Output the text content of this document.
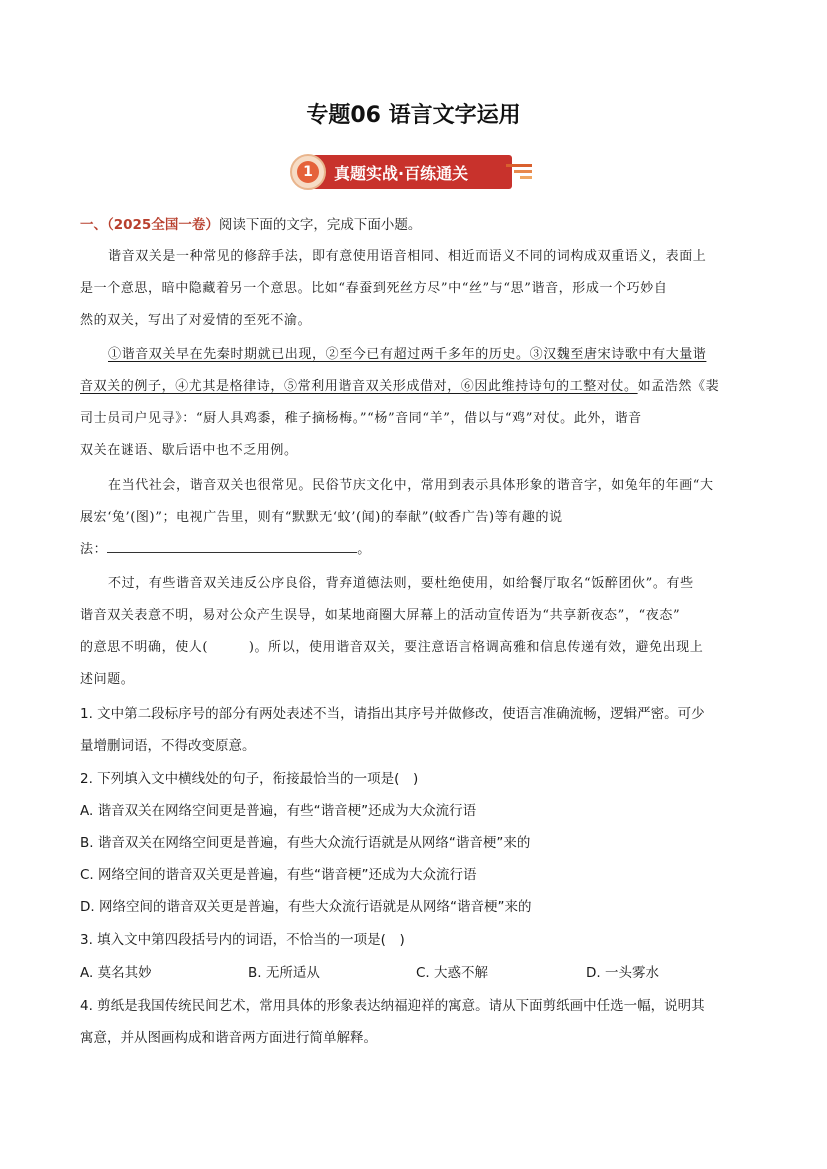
专题06 语言文字运用
真题实战·百练通关
1
一、（2025全国一卷）阅读下面的文字，完成下面小题。
谐音双关是一种常见的修辞手法，即有意使用语音相同、相近而语义不同的词构成双重语义，表面上
是一个意思，暗中隐藏着另一个意思。比如“春蚕到死丝方尽”中“丝”与“思”谐音，形成一个巧妙自
然的双关，写出了对爱情的至死不渝。
①谐音双关早在先秦时期就已出现，②至今已有超过两千多年的历史。③汉魏至唐宋诗歌中有大量谐
音双关的例子，④尤其是格律诗，⑤常利用谐音双关形成借对，⑥因此维持诗句的工整对仗。如孟浩然《裴
司士员司户见寻》：“厨人具鸡黍，稚子摘杨梅。”“杨”音同“羊”，借以与“鸡”对仗。此外，谐音
双关在谜语、歇后语中也不乏用例。
在当代社会，谐音双关也很常见。民俗节庆文化中，常用到表示具体形象的谐音字，如兔年的年画“大
展宏‘兔’(图)”；电视广告里，则有“默默无‘蚊’(闻)的奉献”(蚊香广告)等有趣的说
法：	。
不过，有些谐音双关违反公序良俗，背弃道德法则，要杜绝使用，如给餐厅取名“饭醉团伙”。有些
谐音双关表意不明，易对公众产生误导，如某地商圈大屏幕上的活动宣传语为“共享新夜态”，“夜态”
的意思不明确，使人(　　　)。所以，使用谐音双关，要注意语言格调高雅和信息传递有效，避免出现上
述问题。
1. 文中第二段标序号的部分有两处表述不当，请指出其序号并做修改，使语言准确流畅，逻辑严密。可少
量增删词语，不得改变原意。
2. 下列填入文中横线处的句子，衔接最恰当的一项是(　)
A. 谐音双关在网络空间更是普遍，有些“谐音梗”还成为大众流行语
B. 谐音双关在网络空间更是普遍，有些大众流行语就是从网络“谐音梗”来的
C. 网络空间的谐音双关更是普遍，有些“谐音梗”还成为大众流行语
D. 网络空间的谐音双关更是普遍，有些大众流行语就是从网络“谐音梗”来的
3. 填入文中第四段括号内的词语，不恰当的一项是(　)
A. 莫名其妙	B. 无所适从	C. 大惑不解	D. 一头雾水
4. 剪纸是我国传统民间艺术，常用具体的形象表达纳福迎祥的寓意。请从下面剪纸画中任选一幅，说明其
寓意，并从图画构成和谐音两方面进行简单解释。
